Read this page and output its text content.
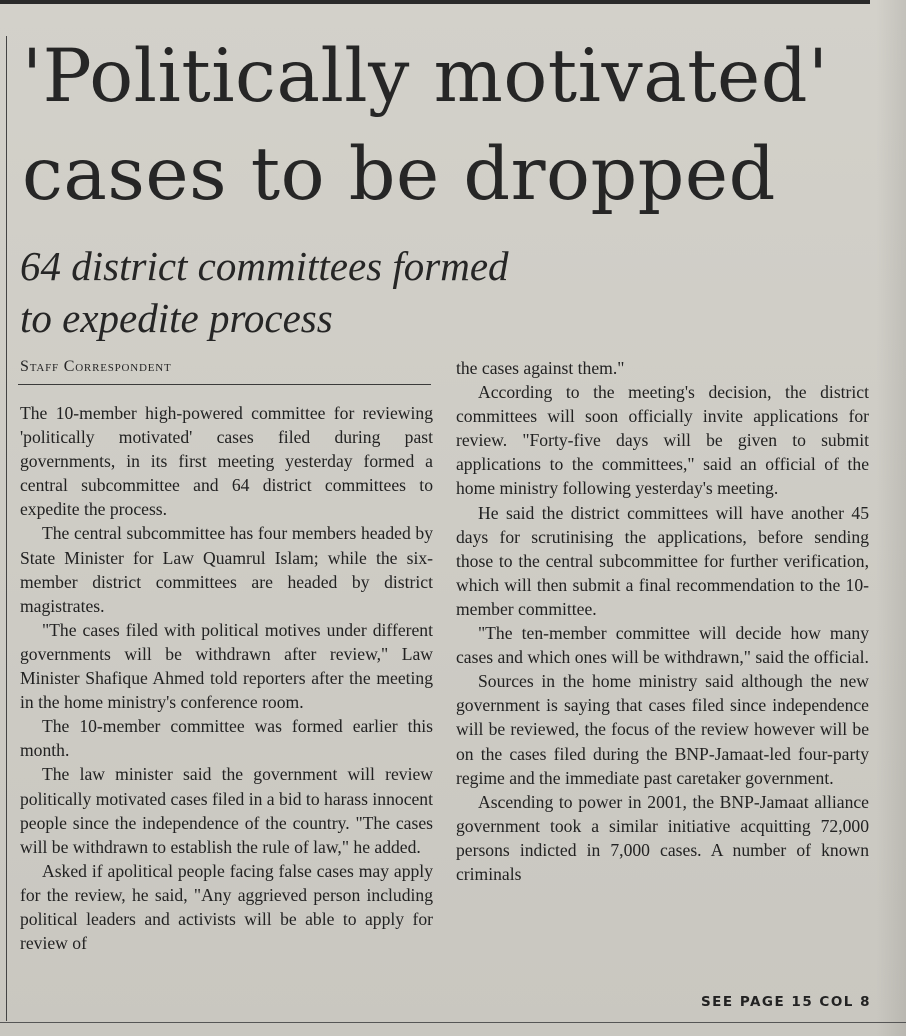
'Politically motivated'
cases to be dropped
64 district committees formed
to expedite process
Staff Correspondent

The 10-member high-powered committee for reviewing 'politically motivated' cases filed during past governments, in its first meeting yesterday formed a central subcommittee and 64 district committees to expedite the process.

The central subcommittee has four members headed by State Minister for Law Quamrul Islam; while the six-member district committees are headed by district magistrates.

"The cases filed with political motives under different governments will be withdrawn after review," Law Minister Shafique Ahmed told reporters after the meeting in the home ministry's conference room.

The 10-member committee was formed earlier this month.

The law minister said the government will review politically motivated cases filed in a bid to harass innocent people since the independence of the country. "The cases will be withdrawn to establish the rule of law," he added.

Asked if apolitical people facing false cases may apply for the review, he said, "Any aggrieved person including political leaders and activists will be able to apply for review of

the cases against them."

According to the meeting's decision, the district committees will soon officially invite applications for review. "Forty-five days will be given to submit applications to the committees," said an official of the home ministry following yesterday's meeting.

He said the district committees will have another 45 days for scrutinising the applications, before sending those to the central subcommittee for further verification, which will then submit a final recommendation to the 10-member committee.

"The ten-member committee will decide how many cases and which ones will be withdrawn," said the official.

Sources in the home ministry said although the new government is saying that cases filed since independence will be reviewed, the focus of the review however will be on the cases filed during the BNP-Jamaat-led four-party regime and the immediate past caretaker government.

Ascending to power in 2001, the BNP-Jamaat alliance government took a similar initiative acquitting 72,000 persons indicted in 7,000 cases. A number of known criminals

SEE PAGE 15 COL 8
